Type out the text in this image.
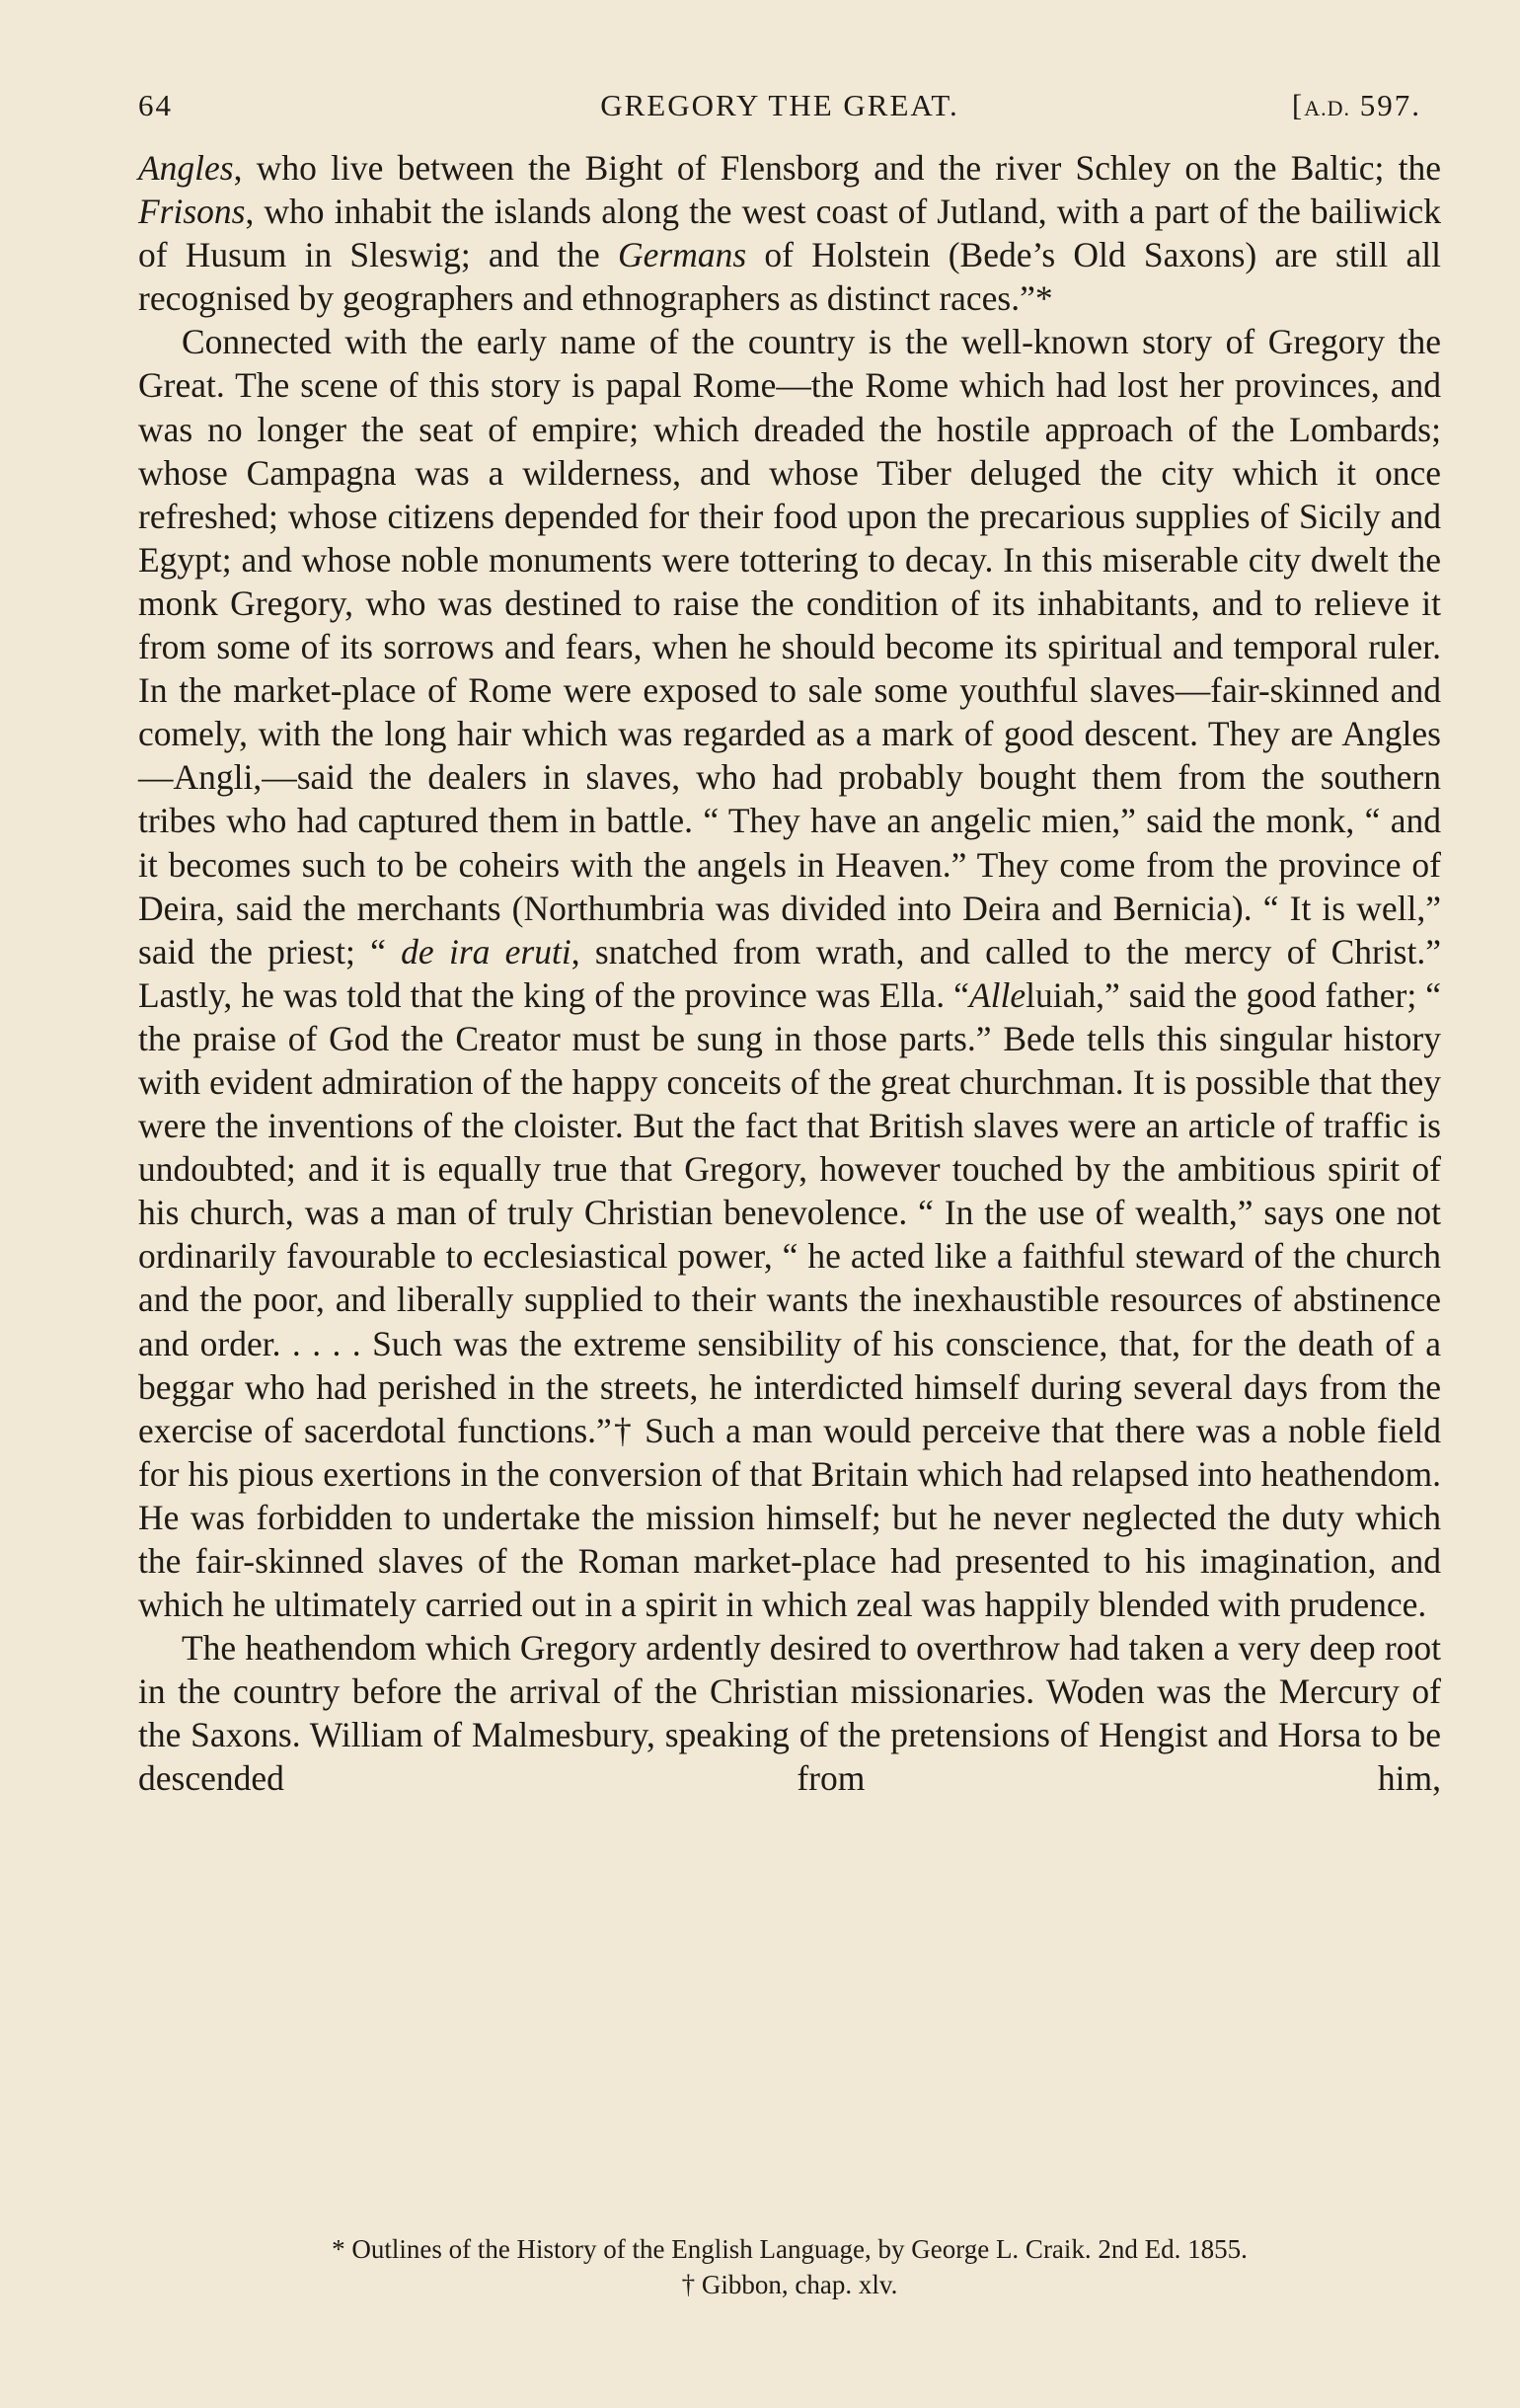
64	GREGORY THE GREAT.	[A.D. 597.

Angles, who live between the Bight of Flensborg and the river Schley on the Baltic; the Frisons, who inhabit the islands along the west coast of Jutland, with a part of the bailiwick of Husum in Sleswig; and the Germans of Holstein (Bede’s Old Saxons) are still all recognised by geographers and ethnographers as distinct races.”*

Connected with the early name of the country is the well-known story of Gregory the Great. The scene of this story is papal Rome—the Rome which had lost her provinces, and was no longer the seat of empire; which dreaded the hostile approach of the Lombards; whose Campagna was a wilderness, and whose Tiber deluged the city which it once refreshed; whose citizens depended for their food upon the precarious supplies of Sicily and Egypt; and whose noble monuments were tottering to decay. In this miserable city dwelt the monk Gregory, who was destined to raise the condition of its inhabitants, and to relieve it from some of its sorrows and fears, when he should become its spiritual and temporal ruler. In the market-place of Rome were exposed to sale some youthful slaves—fair-skinned and comely, with the long hair which was regarded as a mark of good descent. They are Angles—Angli,—said the dealers in slaves, who had probably bought them from the southern tribes who had captured them in battle. “ They have an angelic mien,” said the monk, “ and it becomes such to be coheirs with the angels in Heaven.” They come from the province of Deira, said the merchants (Northumbria was divided into Deira and Bernicia). “ It is well,” said the priest; “ de ira eruti, snatched from wrath, and called to the mercy of Christ.” Lastly, he was told that the king of the province was Ella. “Alleluiah,” said the good father; “ the praise of God the Creator must be sung in those parts.” Bede tells this singular history with evident admiration of the happy conceits of the great churchman. It is possible that they were the inventions of the cloister. But the fact that British slaves were an article of traffic is undoubted; and it is equally true that Gregory, however touched by the ambitious spirit of his church, was a man of truly Christian benevolence. “ In the use of wealth,” says one not ordinarily favourable to ecclesiastical power, “ he acted like a faithful steward of the church and the poor, and liberally supplied to their wants the inexhaustible resources of abstinence and order. . . . . Such was the extreme sensibility of his conscience, that, for the death of a beggar who had perished in the streets, he interdicted himself during several days from the exercise of sacerdotal functions.”† Such a man would perceive that there was a noble field for his pious exertions in the conversion of that Britain which had relapsed into heathendom. He was forbidden to undertake the mission himself; but he never neglected the duty which the fair-skinned slaves of the Roman market-place had presented to his imagination, and which he ultimately carried out in a spirit in which zeal was happily blended with prudence.

The heathendom which Gregory ardently desired to overthrow had taken a very deep root in the country before the arrival of the Christian missionaries. Woden was the Mercury of the Saxons. William of Malmesbury, speaking of the pretensions of Hengist and Horsa to be descended from him,

* Outlines of the History of the English Language, by George L. Craik. 2nd Ed. 1855.
† Gibbon, chap. xlv.
